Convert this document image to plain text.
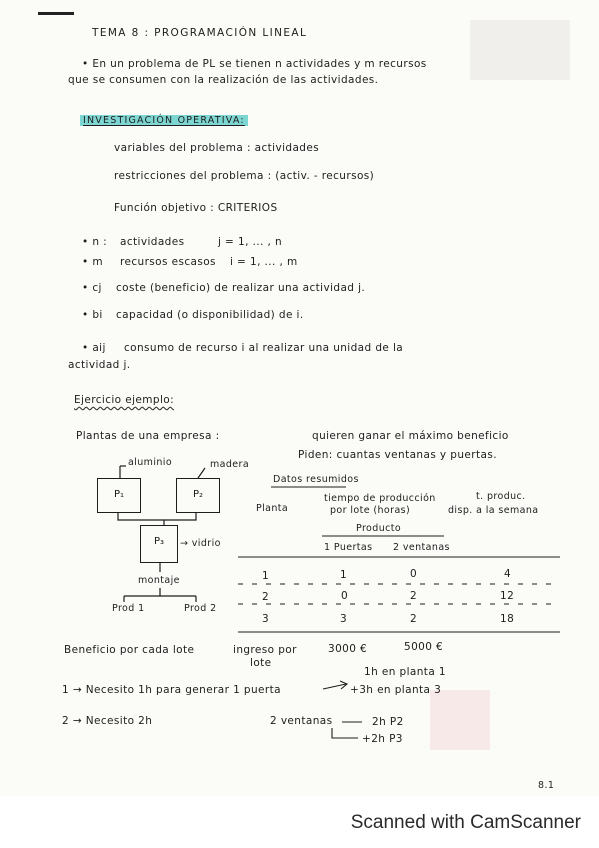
TEMA 8 : PROGRAMACIÓN LINEAL
• En un problema de PL se tienen n actividades y m recursos
que se consumen con la realización de las actividades.
INVESTIGACIÓN OPERATIVA:
variables del problema : actividades
restricciones del problema : (activ. - recursos)
Función objetivo : CRITERIOS
• n : actividades	j = 1, ... , n
• m recursos escasos i = 1, ... , m
• cj coste (beneficio) de realizar una actividad j.
• bi capacidad (o disponibilidad) de i.
• aij consumo de recurso i al realizar una unidad de la
actividad j.
Ejercicio ejemplo:
Plantas de una empresa :	quieren ganar el máximo beneficio
Piden: cuantas ventanas y puertas.
aluminio	madera
P₁	P₂
P₃	→ vidrio
montaje
Prod 1	Prod 2
Datos resumidos
Planta
tiempo de producción
por lote (horas)
t. produc.
disp. a la semana
Producto
1 Puertas 2 ventanas
1	1	0	4
2	0	2	12
3	3	2	18
Beneficio por cada lote	ingreso por
lote
3000 €	5000 €
1h en planta 1
1 → Necesito 1h para generar 1 puerta	+3h en planta 3
2 → Necesito 2h	2 ventanas	2h P2
+2h P3
8.1
Scanned with CamScanner
